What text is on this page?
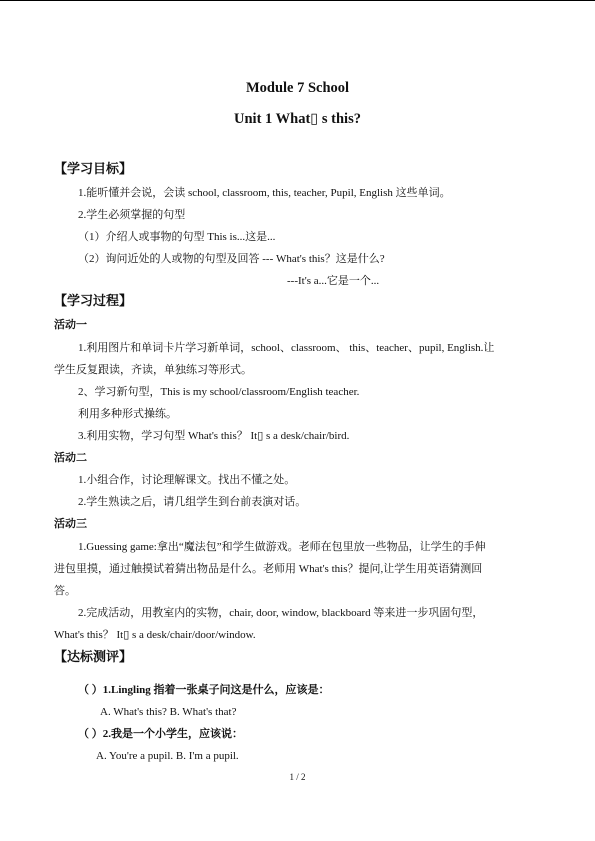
Module 7 School
Unit 1 What▯ s this?
【学习目标】
1.能听懂并会说，会读 school, classroom, this, teacher, Pupil, English 这些单词。
2.学生必须掌握的句型
（1）介绍人或事物的句型 This is...这是...
（2）询问近处的人或物的句型及回答 --- What's this？这是什么?
---It's a...它是一个...
【学习过程】
活动一
1.利用图片和单词卡片学习新单词，school、classroom、 this、teacher、pupil, English.让
学生反复跟读，齐读，单独练习等形式。
2、学习新句型，This is my school/classroom/English teacher.
利用多种形式操练。
3.利用实物，学习句型 What's this？ It▯ s a desk/chair/bird.
活动二
1.小组合作，讨论理解课文。找出不懂之处。
2.学生熟读之后，请几组学生到台前表演对话。
活动三
1.Guessing game:拿出“魔法包”和学生做游戏。老师在包里放一些物品，让学生的手伸
进包里摸，通过触摸试着猜出物品是什么。老师用 What's this？提问,让学生用英语猜测回
答。
2.完成活动，用教室内的实物，chair, door, window, blackboard 等来进一步巩固句型，
What's this？ It▯ s a desk/chair/door/window.
【达标测评】
（ ）1.Lingling 指着一张桌子问这是什么，应该是：
A. What's this? B. What's that?
（ ）2.我是一个小学生，应该说：
A. You're a pupil. B. I'm a pupil.
1 / 2
